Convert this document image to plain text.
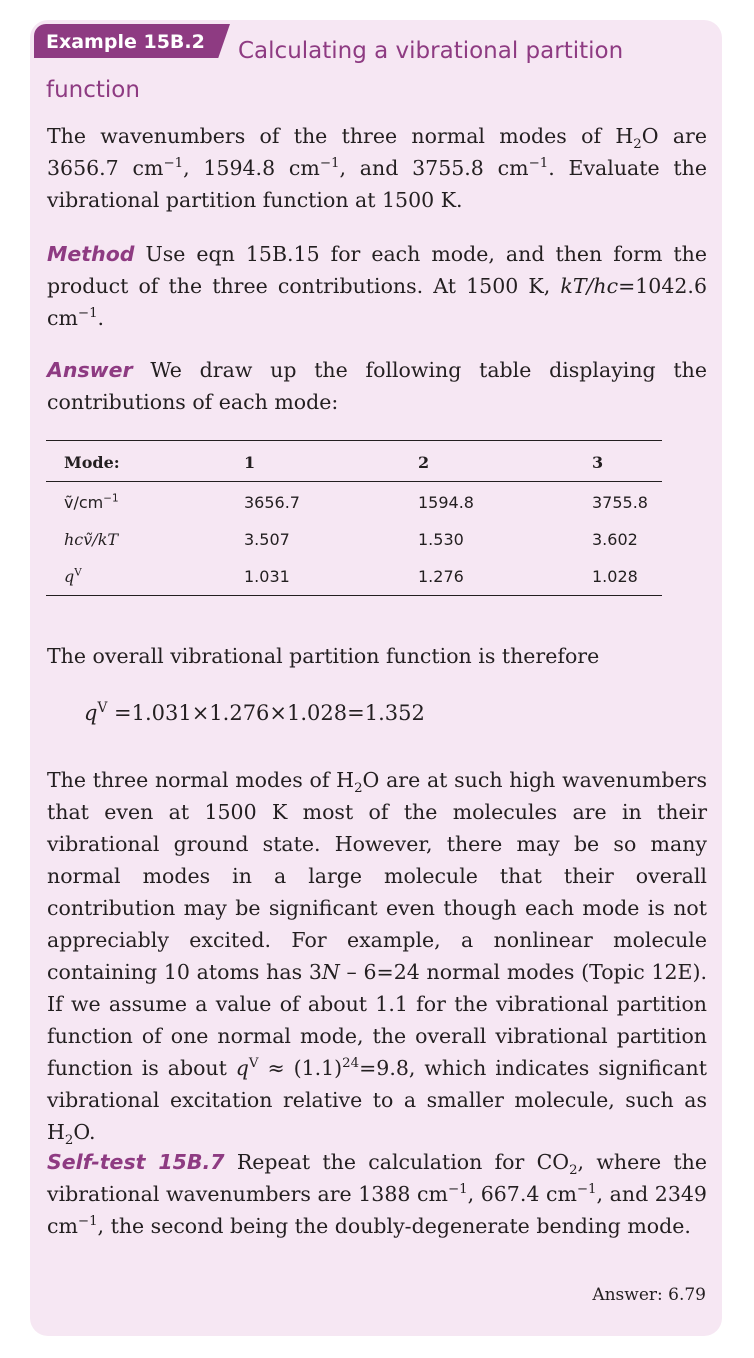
Example 15B.2	Calculating a vibrational partition function

The wavenumbers of the three normal modes of $H_2O$ are 3656.7 $cm^{-1}$, 1594.8 $cm^{-1}$, and 3755.8 $cm^{-1}$. Evaluate the vibrational partition function at 1500 K.

Method Use eqn 15B.15 for each mode, and then form the product of the three contributions. At 1500 K, kT/hc=1042.6 $cm^{-1}$.

Answer We draw up the following table displaying the contributions of each mode:

Mode:	1	2	3
$ṽ/cm^{-1}$	3656.7	1594.8	3755.8
hcṽ/kT	3.507	1.530	3.602
$q^V$	1.031	1.276	1.028

The overall vibrational partition function is therefore

$q^V =1.031\times 1.276\times 1.028=1.352$

The three normal modes of $H_2O$ are at such high wavenumbers that even at 1500 K most of the molecules are in their vibrational ground state. However, there may be so many normal modes in a large molecule that their overall contribution may be significant even though each mode is not appreciably excited. For example, a nonlinear molecule containing 10 atoms has 3N – 6=24 normal modes (Topic 12E). If we assume a value of about 1.1 for the vibrational partition function of one normal mode, the overall vibrational partition function is about $q^V \approx (1.1)^{24}=9.8$, which indicates significant vibrational excitation relative to a smaller molecule, such as $H_2O$.

Self-test 15B.7 Repeat the calculation for $CO_2$, where the vibrational wavenumbers are 1388 $cm^{-1}$, 667.4 $cm^{-1}$, and 2349 $cm^{-1}$, the second being the doubly-degenerate bending mode.

Answer: 6.79
